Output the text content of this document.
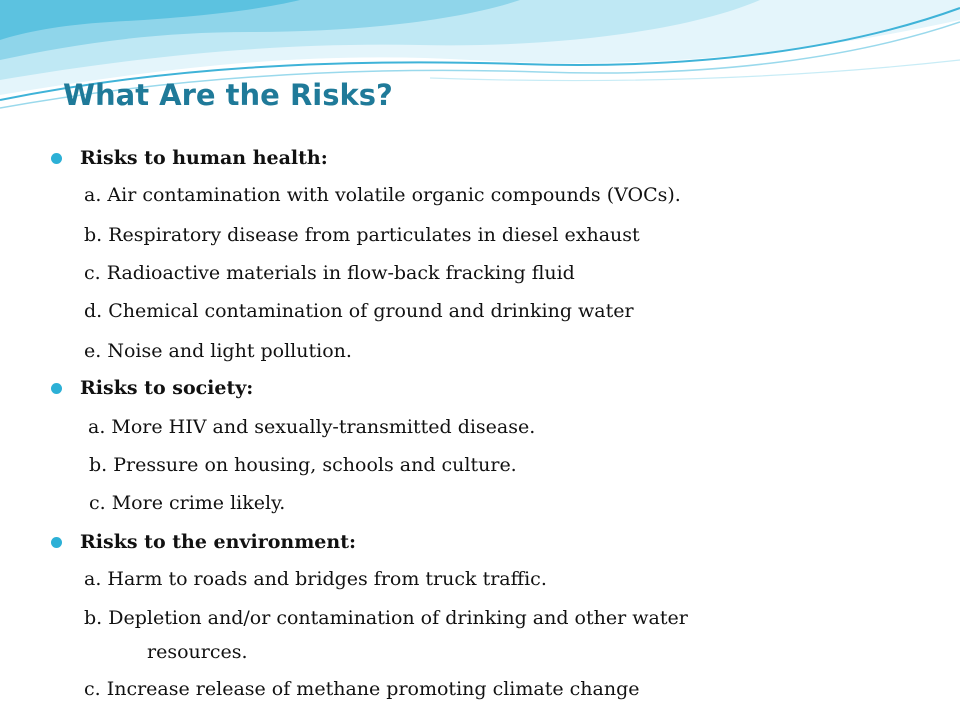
What Are the Risks?
Risks to human health:
a. Air contamination with volatile organic compounds (VOCs).
b. Respiratory disease from particulates in diesel exhaust
c. Radioactive materials in flow-back fracking fluid
d. Chemical contamination of ground and drinking water
e. Noise and light pollution.
Risks to society:
a. More HIV and sexually-transmitted disease.
b. Pressure on housing, schools and culture.
c. More crime likely.
Risks to the environment:
a. Harm to roads and bridges from truck traffic.
b. Depletion and/or contamination of drinking and other water
resources.
c. Increase release of methane promoting climate change
